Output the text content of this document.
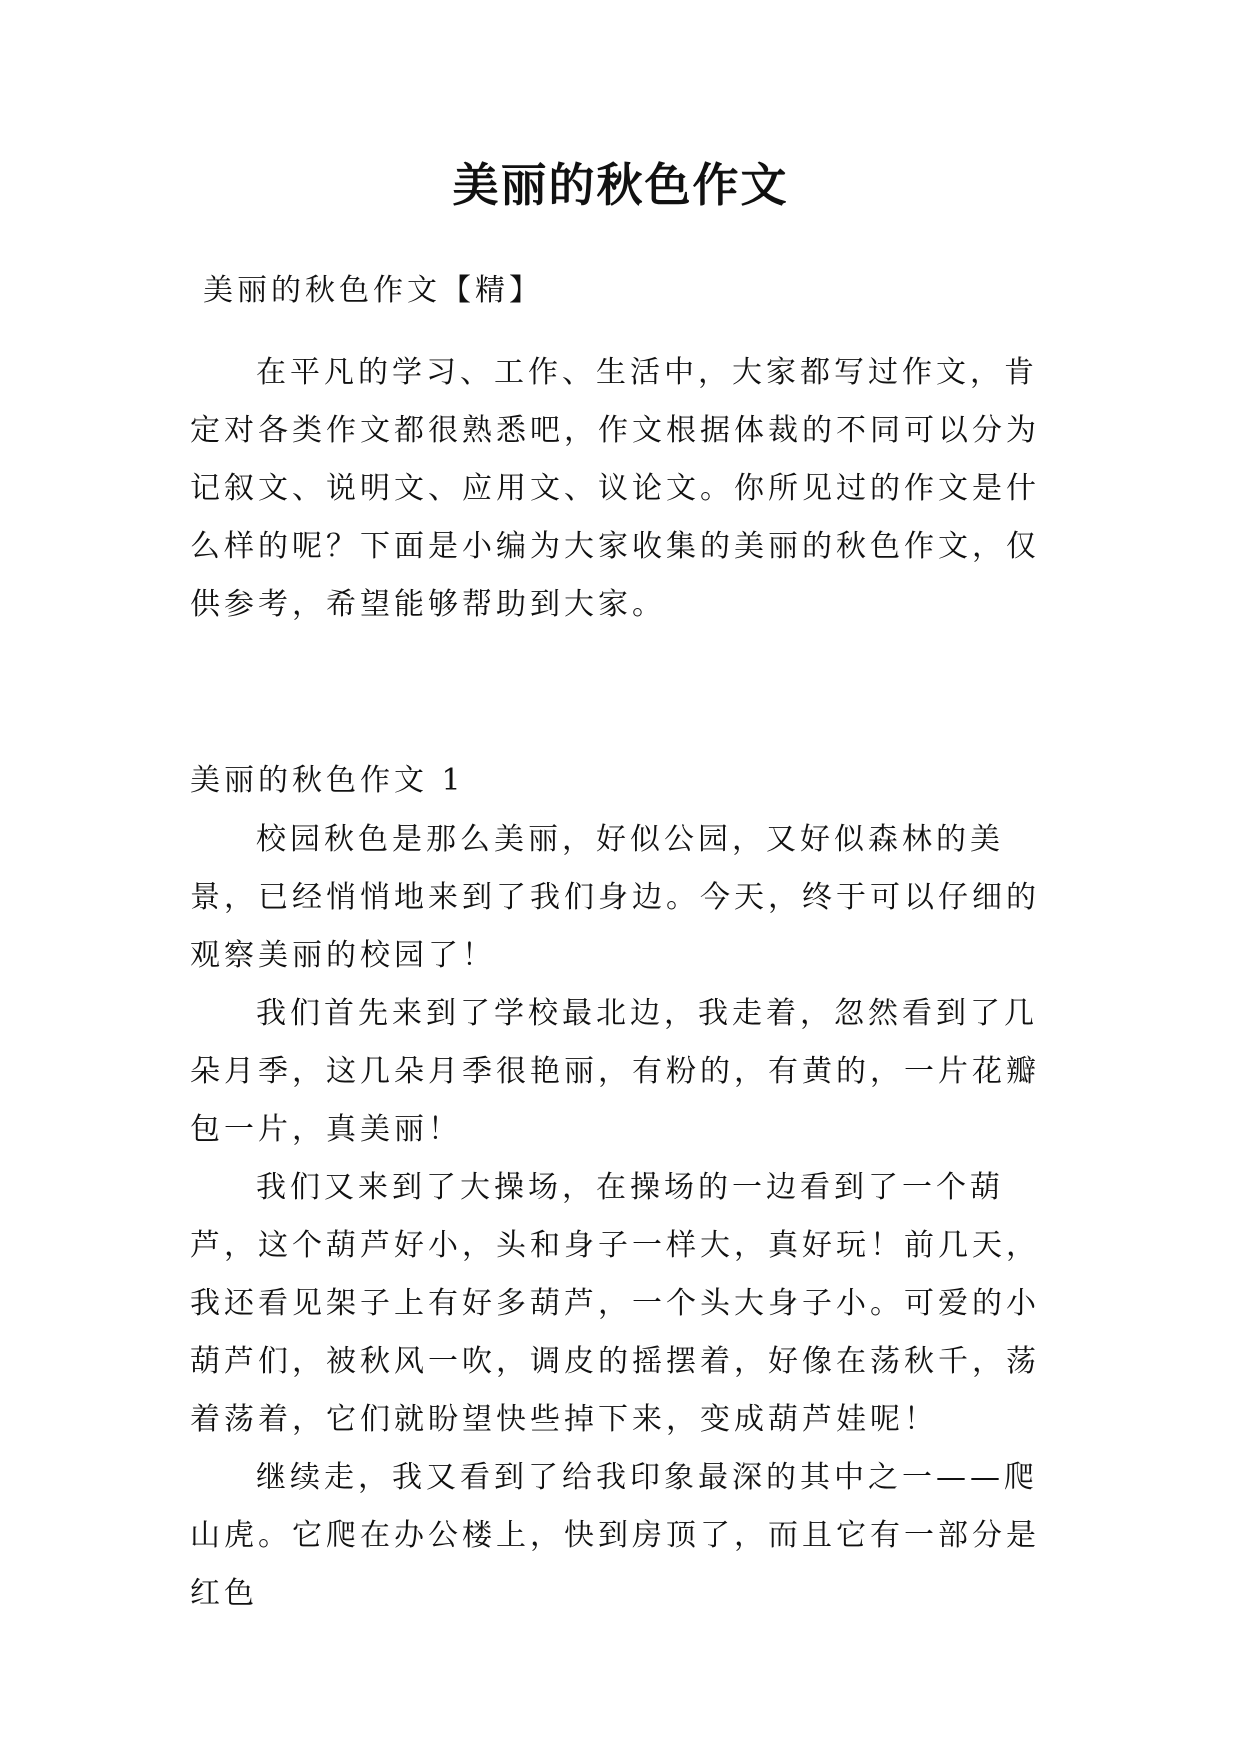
美丽的秋色作文
美丽的秋色作文【精】
在平凡的学习、工作、生活中，大家都写过作文，肯定对各类作文都很熟悉吧，作文根据体裁的不同可以分为记叙文、说明文、应用文、议论文。你所见过的作文是什么样的呢？下面是小编为大家收集的美丽的秋色作文，仅供参考，希望能够帮助到大家。
美丽的秋色作文 1

校园秋色是那么美丽，好似公园，又好似森林的美景，已经悄悄地来到了我们身边。今天，终于可以仔细的观察美丽的校园了！

我们首先来到了学校最北边，我走着，忽然看到了几朵月季，这几朵月季很艳丽，有粉的，有黄的，一片花瓣包一片，真美丽！

我们又来到了大操场，在操场的一边看到了一个葫芦，这个葫芦好小，头和身子一样大，真好玩！前几天，我还看见架子上有好多葫芦，一个头大身子小。可爱的小葫芦们，被秋风一吹，调皮的摇摆着，好像在荡秋千，荡着荡着，它们就盼望快些掉下来，变成葫芦娃呢！

继续走，我又看到了给我印象最深的其中之一——爬山虎。它爬在办公楼上，快到房顶了，而且它有一部分是红色
